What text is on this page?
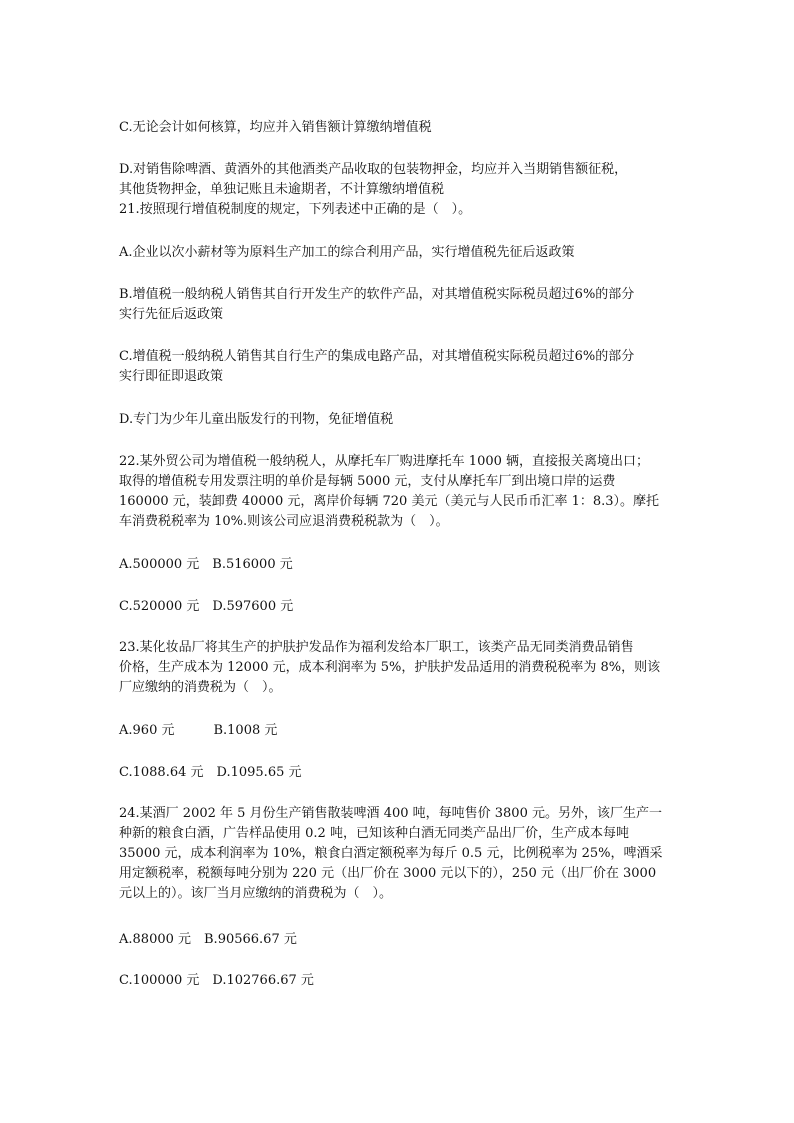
C.无论会计如何核算，均应并入销售额计算缴纳增值税

D.对销售除啤酒、黄酒外的其他酒类产品收取的包装物押金，均应并入当期销售额征税，
其他货物押金，单独记账且未逾期者，不计算缴纳增值税
21.按照现行增值税制度的规定，下列表述中正确的是（　）。

A.企业以次小薪材等为原料生产加工的综合利用产品，实行增值税先征后返政策

B.增值税一般纳税人销售其自行开发生产的软件产品，对其增值税实际税员超过6%的部分
实行先征后返政策

C.增值税一般纳税人销售其自行生产的集成电路产品，对其增值税实际税员超过6%的部分
实行即征即退政策

D.专门为少年儿童出版发行的刊物，免征增值税

22.某外贸公司为增值税一般纳税人，从摩托车厂购进摩托车 1000 辆，直接报关离境出口；
取得的增值税专用发票注明的单价是每辆 5000 元，支付从摩托车厂到出境口岸的运费
160000 元，装卸费 40000 元，离岸价每辆 720 美元（美元与人民币币汇率 1：8.3）。摩托
车消费税税率为 10%.则该公司应退消费税税款为（　）。

A.500000 元　B.516000 元

C.520000 元　D.597600 元

23.某化妆品厂将其生产的护肤护发品作为福利发给本厂职工，该类产品无同类消费品销售
价格，生产成本为 12000 元，成本利润率为 5%，护肤护发品适用的消费税税率为 8%，则该
厂应缴纳的消费税为（　）。

A.960 元　　　B.1008 元

C.1088.64 元　D.1095.65 元

24.某酒厂 2002 年 5 月份生产销售散装啤酒 400 吨，每吨售价 3800 元。另外，该厂生产一
种新的粮食白酒，广告样品使用 0.2 吨，已知该种白酒无同类产品出厂价，生产成本每吨
35000 元，成本利润率为 10%，粮食白酒定额税率为每斤 0.5 元，比例税率为 25%，啤酒采
用定额税率，税额每吨分别为 220 元（出厂价在 3000 元以下的），250 元（出厂价在 3000
元以上的）。该厂当月应缴纳的消费税为（　）。

A.88000 元　B.90566.67 元

C.100000 元　D.102766.67 元
